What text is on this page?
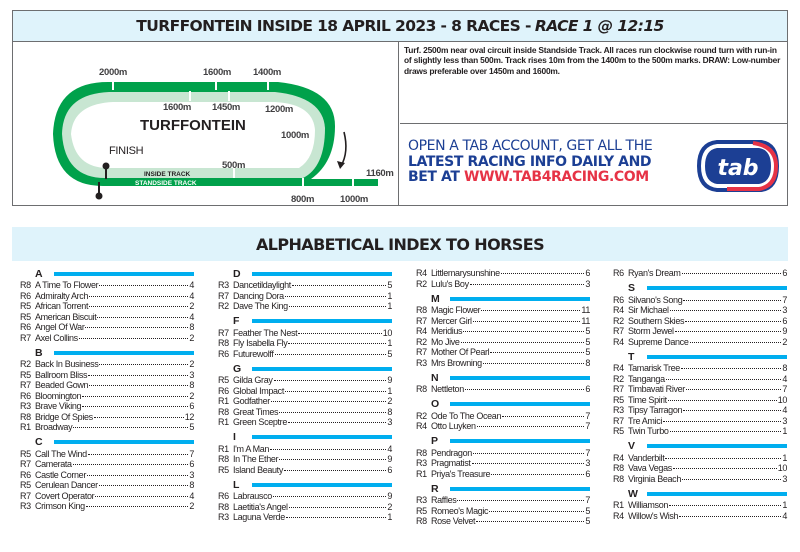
TURFFONTEIN INSIDE 18 APRIL 2023 - 8 RACES - RACE 1 @ 12:15
2000m	1600m 1400m
1600m 1450m	1200m
1000m
500m
1160m
800m	1000m
TURFFONTEIN
FINISH
INSIDE TRACK
STANDSIDE TRACK
Turf. 2500m near oval circuit inside Standside Track. All races run clockwise round turn with run-in of slightly less than 500m. Track rises 10m from the 1400m to the 500m marks. DRAW: Low-number draws preferable over 1450m and 1600m.
OPEN A TAB ACCOUNT, GET ALL THE
LATEST RACING INFO DAILY AND
BET AT WWW.TAB4RACING.COM	tab
ALPHABETICAL INDEX TO HORSES
A
R8 A Time To Flower	4
R6 Admiralty Arch	4
R5 African Torrent	2
R5 American Biscuit	4
R6 Angel Of War	8
R7 Axel Collins	2
B
R2 Back In Business	2
R5 Ballroom Bliss	3
R7 Beaded Gown	8
R6 Bloomington	2
R3 Brave Viking	6
R8 Bridge Of Spies	12
R1 Broadway	5
C
R5 Call The Wind	7
R7 Camerata	6
R6 Castle Corner	3
R5 Cerulean Dancer	8
R7 Covert Operator	4
R3 Crimson King	2
D
R3 Dancetildaylight	5
R7 Dancing Dora	1
R2 Dave The King	1
F
R7 Feather The Nest	10
R8 Fly Isabella Fly	1
R6 Futurewolff	5
G
R5 Gilda Gray	9
R6 Global Impact	1
R1 Godfather	2
R8 Great Times	8
R1 Green Sceptre	3
I
R1 I'm A Man	4
R8 In The Ether	9
R5 Island Beauty	6
L
R6 Labrausco	9
R8 Laetitia's Angel	2
R3 Laguna Verde	1
R4 Littlemarysunshine	6
R2 Lulu's Boy	3
M
R8 Magic Flower	11
R7 Mercer Girl	11
R4 Meridius	5
R2 Mo Jive	5
R7 Mother Of Pearl	5
R3 Mrs Browning	8
N
R8 Nettleton	6
O
R2 Ode To The Ocean	7
R4 Otto Luyken	7
P
R8 Pendragon	7
R3 Pragmatist	3
R1 Priya's Treasure	6
R
R3 Raffles	7
R5 Romeo's Magic	5
R8 Rose Velvet	5
R6 Ryan's Dream	6
S
R6 Silvano's Song	7
R4 Sir Michael	3
R2 Southern Skies	6
R7 Storm Jewel	9
R4 Supreme Dance	2
T
R4 Tamarisk Tree	8
R2 Tanganga	4
R7 Timbavati River	7
R5 Time Spirit	10
R3 Tipsy Tarragon	4
R7 Tre Amici	3
R5 Twin Turbo	1
V
R4 Vanderbilt	1
R8 Vava Vegas	10
R8 Virginia Beach	3
W
R1 Williamson	1
R4 Willow's Wish	4
